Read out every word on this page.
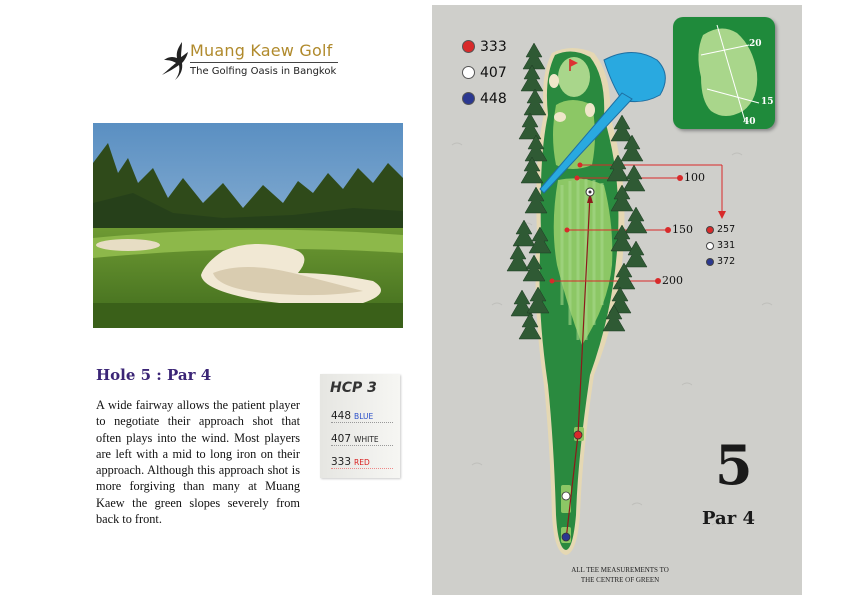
Muang Kaew Golf
The Golfing Oasis in Bangkok
Hole 5 : Par 4

A wide fairway allows the patient player to negotiate their approach shot that often plays into the wind. Most players are left with a mid to long iron on their approach. Although this approach shot is more forgiving than many at Muang Kaew the green slopes severely from back to front.

HCP 3
448 BLUE
407 WHITE
333 RED
333
407
448
100
150
200
257
331
372
20
15
40
5
Par 4
ALL TEE MEASUREMENTS TO
THE CENTRE OF GREEN
